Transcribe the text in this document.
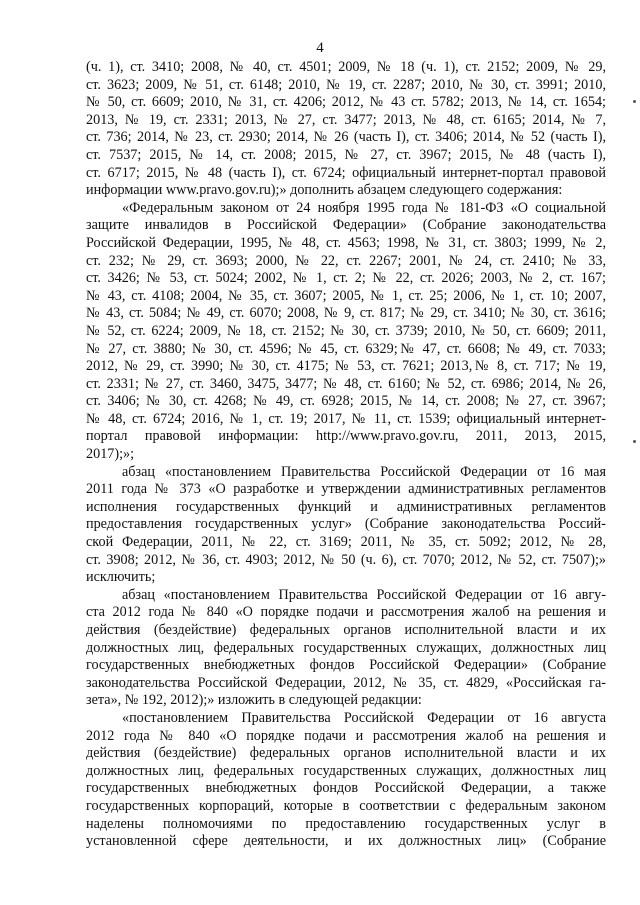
4
(ч. 1), ст. 3410; 2008, № 40, ст. 4501; 2009, № 18 (ч. 1), ст. 2152; 2009, № 29,
ст. 3623; 2009, № 51, ст. 6148; 2010, № 19, ст. 2287; 2010, № 30, ст. 3991; 2010,
№ 50, ст. 6609; 2010, № 31, ст. 4206; 2012, № 43 ст. 5782; 2013, № 14, ст. 1654;
2013, № 19, ст. 2331; 2013, № 27, ст. 3477; 2013, № 48, ст. 6165; 2014, № 7,
ст. 736; 2014, № 23, ст. 2930; 2014, № 26 (часть I), ст. 3406; 2014, № 52 (часть I),
ст. 7537; 2015, № 14, ст. 2008; 2015, № 27, ст. 3967; 2015, № 48 (часть I),
ст. 6717; 2015, № 48 (часть I), ст. 6724; официальный интернет-портал правовой
информации www.pravo.gov.ru);» дополнить абзацем следующего содержания:
«Федеральным законом от 24 ноября 1995 года № 181-ФЗ «О социальной
защите инвалидов в Российской Федерации» (Собрание законодательства
Российской Федерации, 1995, № 48, ст. 4563; 1998, № 31, ст. 3803; 1999, № 2,
ст. 232; № 29, ст. 3693; 2000, № 22, ст. 2267; 2001, № 24, ст. 2410; № 33,
ст. 3426; № 53, ст. 5024; 2002, № 1, ст. 2; № 22, ст. 2026; 2003, № 2, ст. 167;
№ 43, ст. 4108; 2004, № 35, ст. 3607; 2005, № 1, ст. 25; 2006, № 1, ст. 10; 2007,
№ 43, ст. 5084; № 49, ст. 6070; 2008, № 9, ст. 817; № 29, ст. 3410; № 30, ст. 3616;
№ 52, ст. 6224; 2009, № 18, ст. 2152; № 30, ст. 3739; 2010, № 50, ст. 6609; 2011,
№ 27, ст. 3880; № 30, ст. 4596; № 45, ст. 6329;№ 47, ст. 6608; № 49, ст. 7033;
2012, № 29, ст. 3990; № 30, ст. 4175; № 53, ст. 7621; 2013,№ 8, ст. 717; № 19,
ст. 2331; № 27, ст. 3460, 3475, 3477; № 48, ст. 6160; № 52, ст. 6986; 2014, № 26,
ст. 3406; № 30, ст. 4268; № 49, ст. 6928; 2015, № 14, ст. 2008; № 27, ст. 3967;
№ 48, ст. 6724; 2016, № 1, ст. 19; 2017, № 11, ст. 1539; официальный интернет-
портал правовой информации: http://www.pravo.gov.ru, 2011, 2013, 2015,
2017);»;
абзац «постановлением Правительства Российской Федерации от 16 мая
2011 года № 373 «О разработке и утверждении административных регламентов
исполнения государственных функций и административных регламентов
предоставления государственных услуг» (Собрание законодательства Россий-
ской Федерации, 2011, № 22, ст. 3169; 2011, № 35, ст. 5092; 2012, № 28,
ст. 3908; 2012, № 36, ст. 4903; 2012, № 50 (ч. 6), ст. 7070; 2012, № 52, ст. 7507);»
исключить;
абзац «постановлением Правительства Российской Федерации от 16 авгу-
ста 2012 года № 840 «О порядке подачи и рассмотрения жалоб на решения и
действия (бездействие) федеральных органов исполнительной власти и их
должностных лиц, федеральных государственных служащих, должностных лиц
государственных внебюджетных фондов Российской Федерации» (Собрание
законодательства Российской Федерации, 2012, № 35, ст. 4829, «Российская га-
зета», № 192, 2012);» изложить в следующей редакции:
«постановлением Правительства Российской Федерации от 16 августа
2012 года № 840 «О порядке подачи и рассмотрения жалоб на решения и
действия (бездействие) федеральных органов исполнительной власти и их
должностных лиц, федеральных государственных служащих, должностных лиц
государственных внебюджетных фондов Российской Федерации, а также
государственных корпораций, которые в соответствии с федеральным законом
наделены полномочиями по предоставлению государственных услуг в
установленной сфере деятельности, и их должностных лиц» (Собрание
